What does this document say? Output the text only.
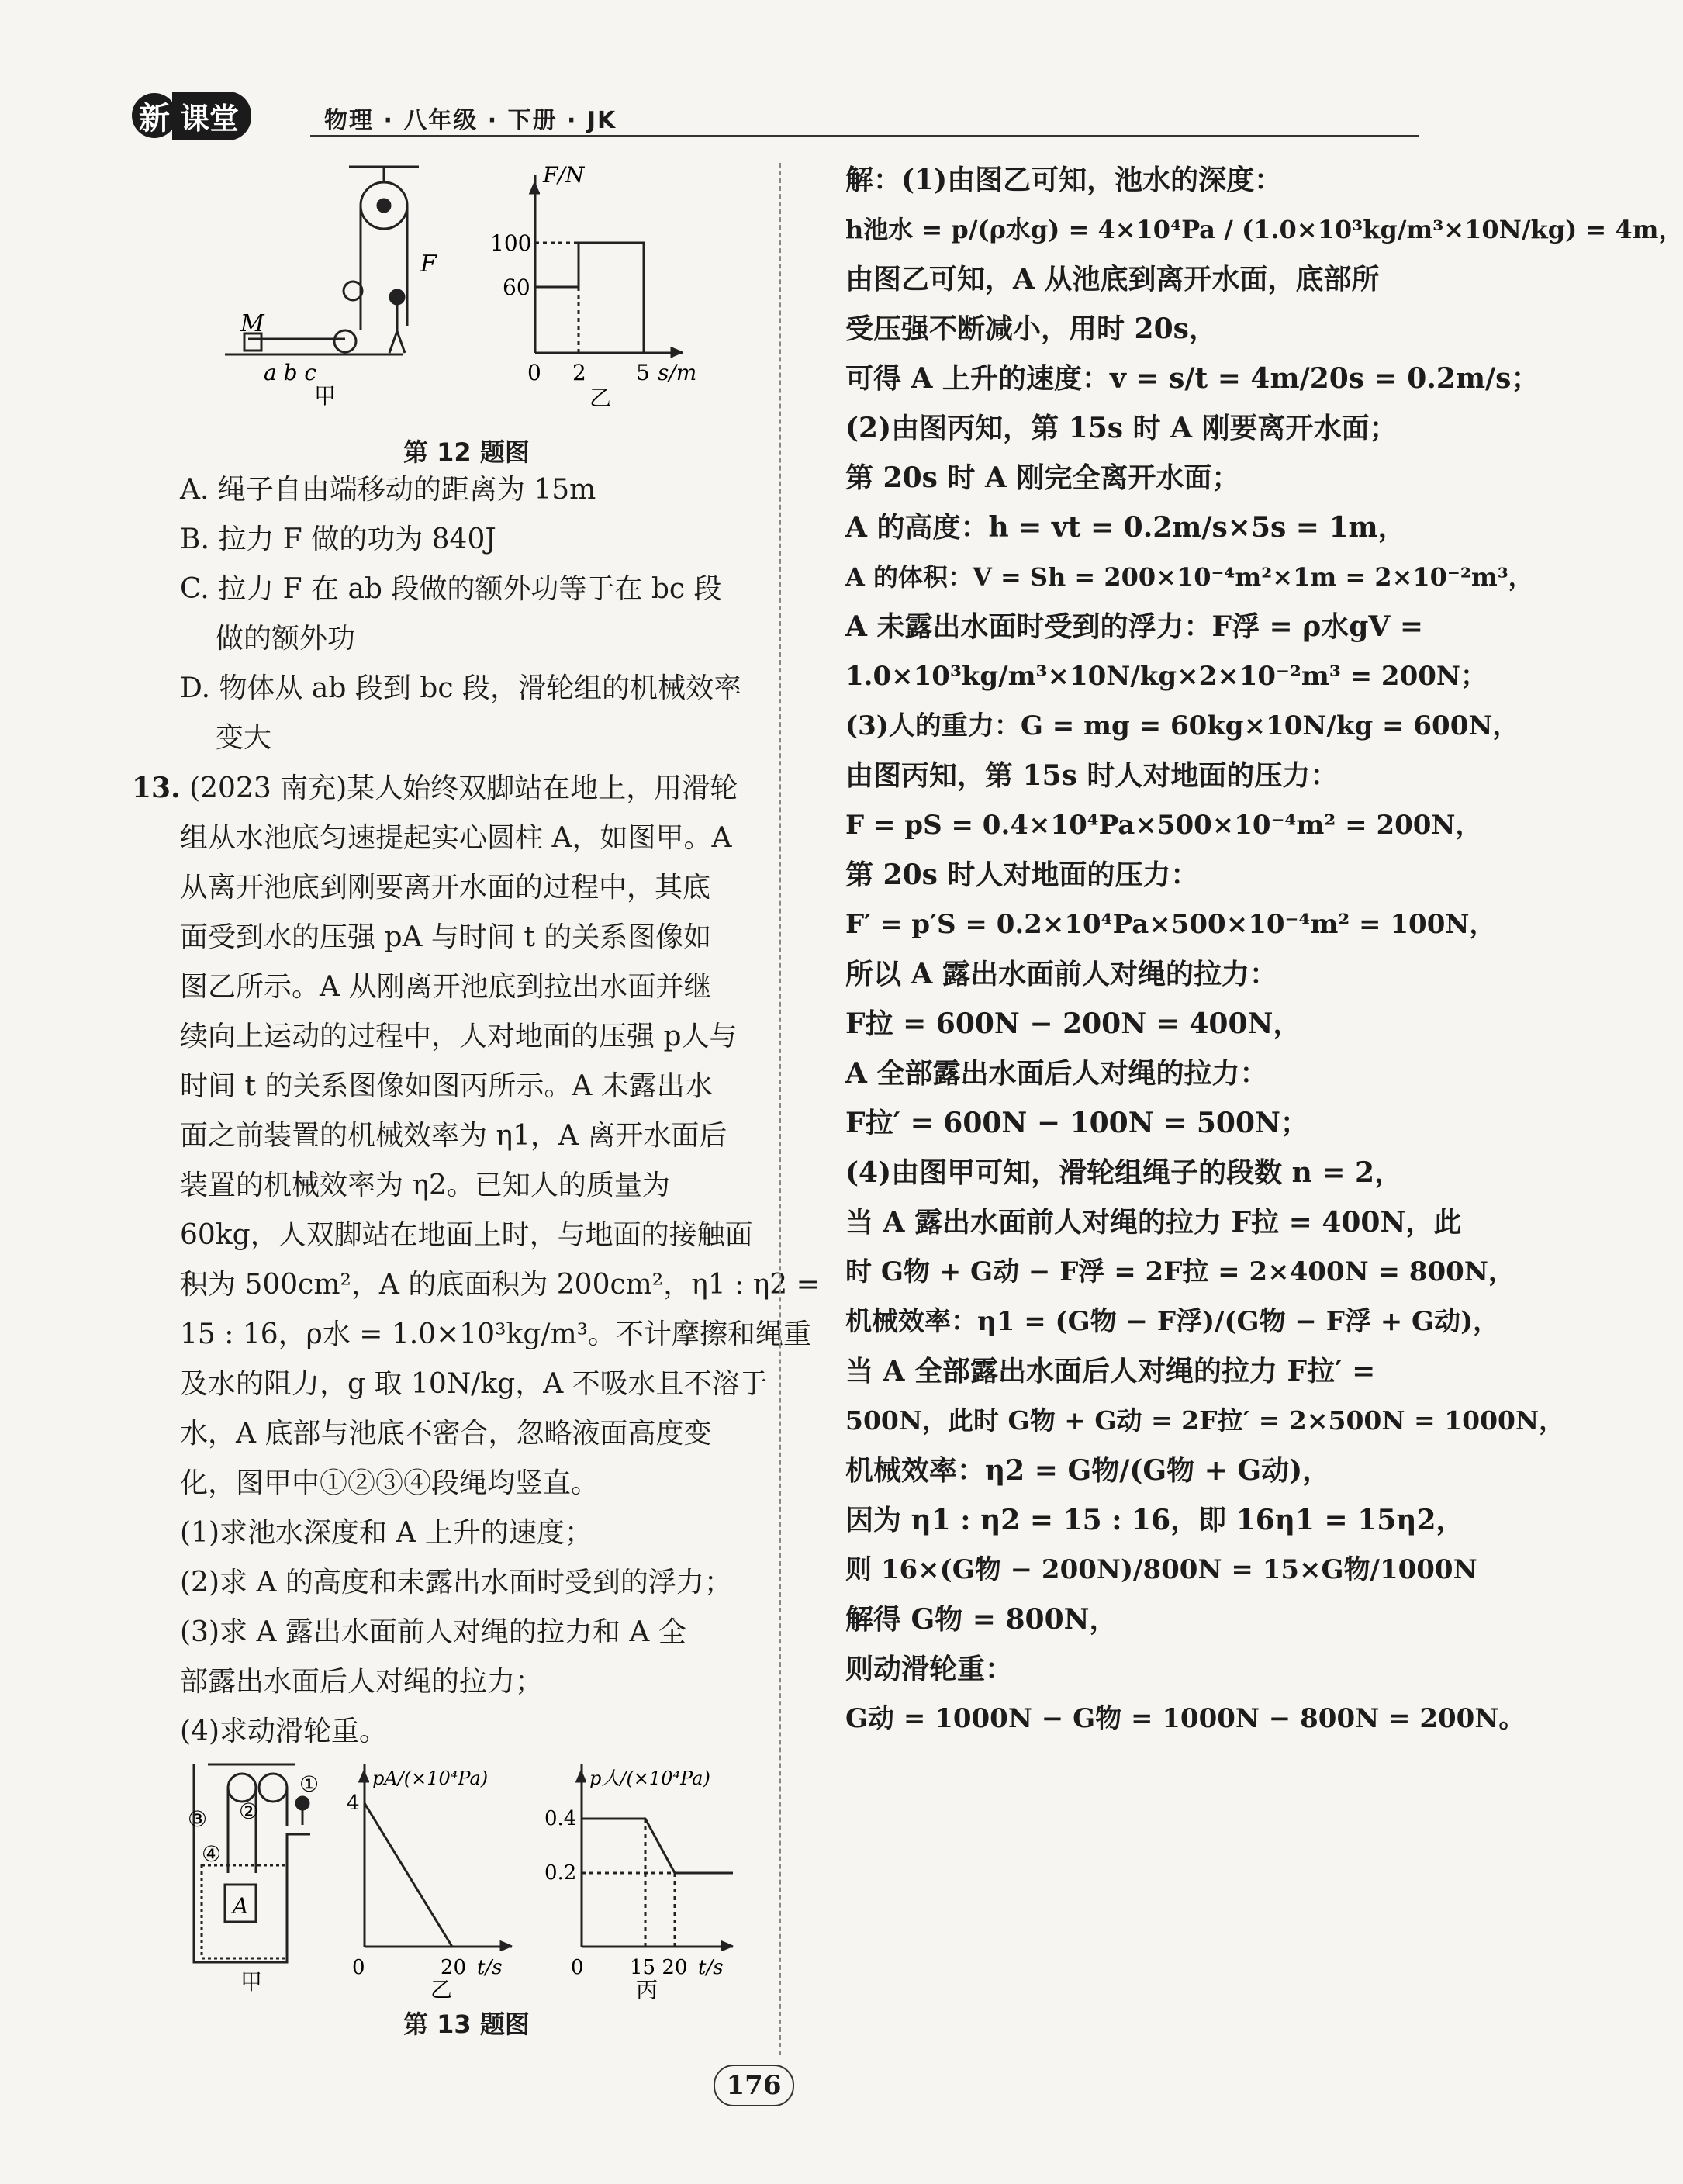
新 课堂	物理 · 八年级 · 下册 · JK
M
a b c
F
甲
F/N
100
60
0 2 5 s/m
乙
第 12 题图

A. 绳子自由端移动的距离为 15m

B. 拉力 F 做的功为 840J

C. 拉力 F 在 ab 段做的额外功等于在 bc 段

做的额外功

D. 物体从 ab 段到 bc 段，滑轮组的机械效率

变大

13. (2023 南充)某人始终双脚站在地上，用滑轮

组从水池底匀速提起实心圆柱 A，如图甲。A

从离开池底到刚要离开水面的过程中，其底

面受到水的压强 pA 与时间 t 的关系图像如

图乙所示。A 从刚离开池底到拉出水面并继

续向上运动的过程中，人对地面的压强 p人与

时间 t 的关系图像如图丙所示。A 未露出水

面之前装置的机械效率为 η1，A 离开水面后

装置的机械效率为 η2。已知人的质量为

60kg，人双脚站在地面上时，与地面的接触面

积为 500cm²，A 的底面积为 200cm²，η1 : η2 =

15 : 16，ρ水 = 1.0×10³kg/m³。不计摩擦和绳重

及水的阻力，g 取 10N/kg，A 不吸水且不溶于

水，A 底部与池底不密合，忽略液面高度变

化，图甲中①②③④段绳均竖直。

(1)求池水深度和 A 上升的速度；

(2)求 A 的高度和未露出水面时受到的浮力；

(3)求 A 露出水面前人对绳的拉力和 A 全

部露出水面后人对绳的拉力；

(4)求动滑轮重。

①
②
③
④
A
甲
pA/(×10⁴Pa)
4
0	20 t/s
乙
p人/(×10⁴Pa)
0.4
0.2
0 15 20 t/s
丙
第 13 题图

解：(1)由图乙可知，池水的深度：

h池水 = p/(ρ水g) = 4×10⁴Pa / (1.0×10³kg/m³×10N/kg) = 4m，

由图乙可知，A 从池底到离开水面，底部所

受压强不断减小，用时 20s，

可得 A 上升的速度：v = s/t = 4m/20s = 0.2m/s；

(2)由图丙知，第 15s 时 A 刚要离开水面；

第 20s 时 A 刚完全离开水面；

A 的高度：h = vt = 0.2m/s×5s = 1m，

A 的体积：V = Sh = 200×10⁻⁴m²×1m = 2×10⁻²m³，

A 未露出水面时受到的浮力：F浮 = ρ水gV =

1.0×10³kg/m³×10N/kg×2×10⁻²m³ = 200N；

(3)人的重力：G = mg = 60kg×10N/kg = 600N，

由图丙知，第 15s 时人对地面的压力：

F = pS = 0.4×10⁴Pa×500×10⁻⁴m² = 200N，

第 20s 时人对地面的压力：

F′ = p′S = 0.2×10⁴Pa×500×10⁻⁴m² = 100N，

所以 A 露出水面前人对绳的拉力：

F拉 = 600N − 200N = 400N，

A 全部露出水面后人对绳的拉力：

F拉′ = 600N − 100N = 500N；

(4)由图甲可知，滑轮组绳子的段数 n = 2，

当 A 露出水面前人对绳的拉力 F拉 = 400N，此

时 G物 + G动 − F浮 = 2F拉 = 2×400N = 800N，

机械效率：η1 = (G物 − F浮)/(G物 − F浮 + G动)，

当 A 全部露出水面后人对绳的拉力 F拉′ =

500N，此时 G物 + G动 = 2F拉′ = 2×500N = 1000N，

机械效率：η2 = G物/(G物 + G动)，

因为 η1 : η2 = 15 : 16，即 16η1 = 15η2，

则 16×(G物 − 200N)/800N = 15×G物/1000N

解得 G物 = 800N，

则动滑轮重：

G动 = 1000N − G物 = 1000N − 800N = 200N。

176
